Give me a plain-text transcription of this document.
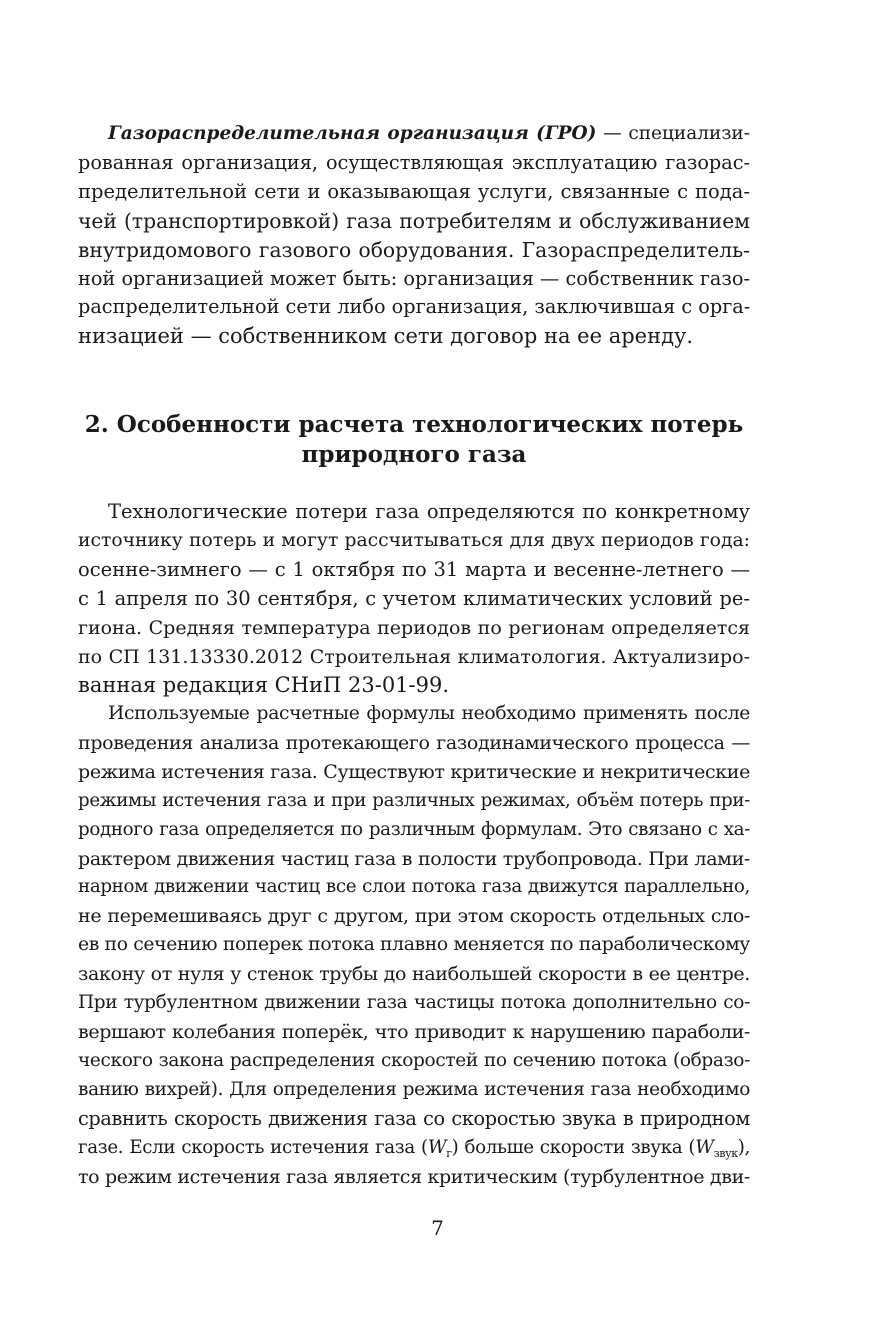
Газораспределительная организация (ГРО) — специализи-
рованная организация, осуществляющая эксплуатацию газорас-
пределительной сети и оказывающая услуги, связанные с пода-
чей (транспортировкой) газа потребителям и обслуживанием
внутридомового газового оборудования. Газораспределитель-
ной организацией может быть: организация — собственник газо-
распределительной сети либо организация, заключившая с орга-
низацией — собственником сети договор на ее аренду.

2. Особенности расчета технологических потерь
природного газа

Технологические потери газа определяются по конкретному
источнику потерь и могут рассчитываться для двух периодов года:
осенне-зимнего — с 1 октября по 31 марта и весенне-летнего —
с 1 апреля по 30 сентября, с учетом климатических условий ре-
гиона. Средняя температура периодов по регионам определяется
по СП 131.13330.2012 Строительная климатология. Актуализиро-
ванная редакция СНиП 23-01-99.

Используемые расчетные формулы необходимо применять после
проведения анализа протекающего газодинамического процесса —
режима истечения газа. Существуют критические и некритические
режимы истечения газа и при различных режимах, объём потерь при-
родного газа определяется по различным формулам. Это связано с ха-
рактером движения частиц газа в полости трубопровода. При лами-
нарном движении частиц все слои потока газа движутся параллельно,
не перемешиваясь друг с другом, при этом скорость отдельных сло-
ев по сечению поперек потока плавно меняется по параболическому
закону от нуля у стенок трубы до наибольшей скорости в ее центре.
При турбулентном движении газа частицы потока дополнительно со-
вершают колебания поперёк, что приводит к нарушению параболи-
ческого закона распределения скоростей по сечению потока (образо-
ванию вихрей). Для определения режима истечения газа необходимо
сравнить скорость движения газа со скоростью звука в природном
газе. Если скорость истечения газа $(W_г)$ больше скорости звука $(W_{звук})$,
то режим истечения газа является критическим (турбулентное дви-

7
